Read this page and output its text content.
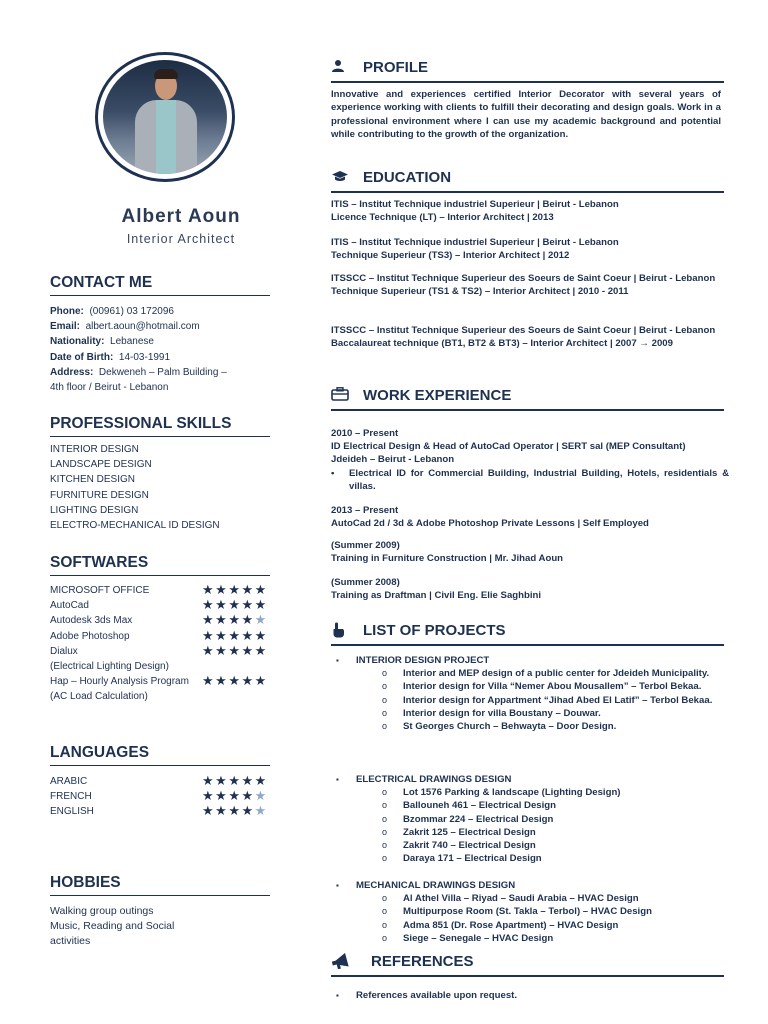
Albert Aoun
Interior Architect
CONTACT ME
Phone: (00961) 03 172096
Email: albert.aoun@hotmail.com
Nationality: Lebanese
Date of Birth: 14-03-1991
Address: Dekweneh – Palm Building –
4th floor / Beirut - Lebanon
PROFESSIONAL SKILLS
INTERIOR DESIGN
LANDSCAPE DESIGN
KITCHEN DESIGN
FURNITURE DESIGN
LIGHTING DESIGN
ELECTRO-MECHANICAL ID DESIGN
SOFTWARES
MICROSOFT OFFICE	★★★★★
AutoCad	★★★★★
Autodesk 3ds Max	★★★★★
Adobe Photoshop	★★★★★
Dialux	★★★★★
(Electrical Lighting Design)
Hap – Hourly Analysis Program ★★★★★
(AC Load Calculation)
LANGUAGES
ARABIC	★★★★★
FRENCH	★★★★★
ENGLISH	★★★★★
HOBBIES
Walking group outings
Music, Reading and Social
activities
PROFILE
Innovative and experiences certified Interior Decorator with several years of experience working with clients to fulfill their decorating and design goals. Work in a professional environment where I can use my academic background and potential while contributing to the growth of the organization.
EDUCATION
ITIS – Institut Technique industriel Superieur | Beirut - Lebanon
Licence Technique (LT) – Interior Architect | 2013
ITIS – Institut Technique industriel Superieur | Beirut - Lebanon
Technique Superieur (TS3) – Interior Architect | 2012
ITSSCC – Institut Technique Superieur des Soeurs de Saint Coeur | Beirut - Lebanon
Technique Superieur (TS1 & TS2) – Interior Architect | 2010 - 2011
ITSSCC – Institut Technique Superieur des Soeurs de Saint Coeur | Beirut - Lebanon
Baccalaureat technique (BT1, BT2 & BT3) – Interior Architect | 2007 → 2009
WORK EXPERIENCE
2010 – Present
ID Electrical Design & Head of AutoCad Operator | SERT sal (MEP Consultant)
Jdeideh – Beirut - Lebanon
• Electrical ID for Commercial Building, Industrial Building, Hotels, residentials & villas.
2013 – Present
AutoCad 2d / 3d & Adobe Photoshop Private Lessons | Self Employed
(Summer 2009)
Training in Furniture Construction | Mr. Jihad Aoun
(Summer 2008)
Training as Draftman | Civil Eng. Elie Saghbini
LIST OF PROJECTS
▪ INTERIOR DESIGN PROJECT
o Interior and MEP design of a public center for Jdeideh Municipality.
o Interior design for Villa “Nemer Abou Mousallem” – Terbol Bekaa.
o Interior design for Appartment “Jihad Abed El Latif” – Terbol Bekaa.
o Interior design for villa Boustany – Douwar.
o St Georges Church – Behwayta – Door Design.
▪ ELECTRICAL DRAWINGS DESIGN
o Lot 1576 Parking & landscape (Lighting Design)
o Ballouneh 461 – Electrical Design
o Bzommar 224 – Electrical Design
o Zakrit 125 – Electrical Design
o Zakrit 740 – Electrical Design
o Daraya 171 – Electrical Design
▪ MECHANICAL DRAWINGS DESIGN
o Al Athel Villa – Riyad – Saudi Arabia – HVAC Design
o Multipurpose Room (St. Takla – Terbol) – HVAC Design
o Adma 851 (Dr. Rose Apartment) – HVAC Design
o Siege – Senegale – HVAC Design
REFERENCES
▪ References available upon request.
